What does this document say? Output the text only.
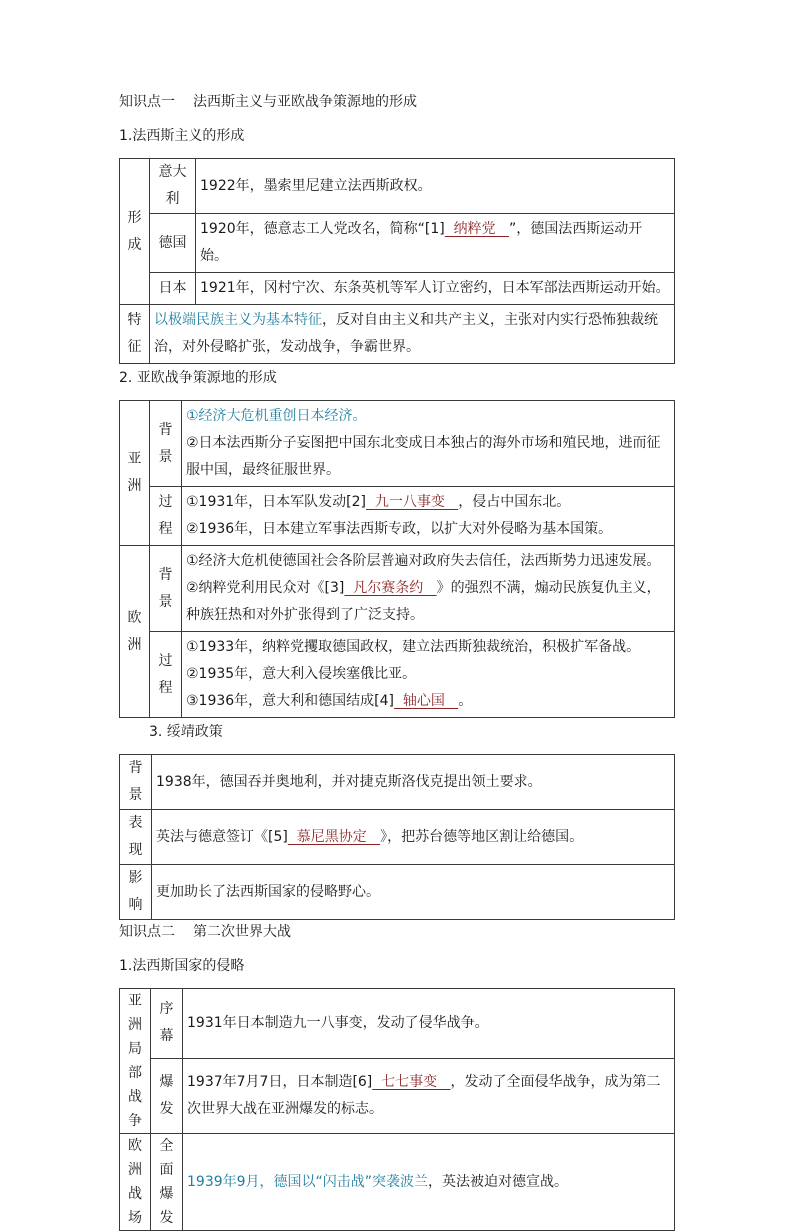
知识点一 法西斯主义与亚欧战争策源地的形成

1.法西斯主义的形成

形成	意大利	1922年，墨索里尼建立法西斯政权。
	德国	1920年，德意志工人党改名，简称“[1]  纳粹党   ”，德国法西斯运动开始。
	日本	1921年，冈村宁次、东条英机等军人订立密约，日本军部法西斯运动开始。
特征	以极端民族主义为基本特征，反对自由主义和共产主义，主张对内实行恐怖独裁统治，对外侵略扩张，发动战争，争霸世界。	

2. 亚欧战争策源地的形成

亚洲	背景	①经济大危机重创日本经济。
②日本法西斯分子妄图把中国东北变成日本独占的海外市场和殖民地，进而征服中国，最终征服世界。

	过程	①1931年，日本军队发动[2]  九一八事变   ，侵占中国东北。
②1936年，日本建立军事法西斯专政，以扩大对外侵略为基本国策。

欧洲	背景	①经济大危机使德国社会各阶层普遍对政府失去信任，法西斯势力迅速发展。
②纳粹党利用民众对《[3]  凡尔赛条约   》的强烈不满，煽动民族复仇主义，种族狂热和对外扩张得到了广泛支持。

	过程	①1933年，纳粹党攫取德国政权，建立法西斯独裁统治，积极扩军备战。
②1935年，意大利入侵埃塞俄比亚。
③1936年，意大利和德国结成[4]  轴心国   。

3. 绥靖政策

背景	1938年，德国吞并奥地利，并对捷克斯洛伐克提出领土要求。
表现	英法与德意签订《[5]  慕尼黑协定   》，把苏台德等地区割让给德国。
影响	更加助长了法西斯国家的侵略野心。

知识点二 第二次世界大战

1.法西斯国家的侵略

亚洲局部战争	序幕	1931年日本制造九一八事变，发动了侵华战争。
	爆发	1937年7月7日，日本制造[6]  七七事变   ，发动了全面侵华战争，成为第二次世界大战在亚洲爆发的标志。
欧洲战场	全面爆发	1939年9月，德国以“闪击战”突袭波兰，英法被迫对德宣战。
